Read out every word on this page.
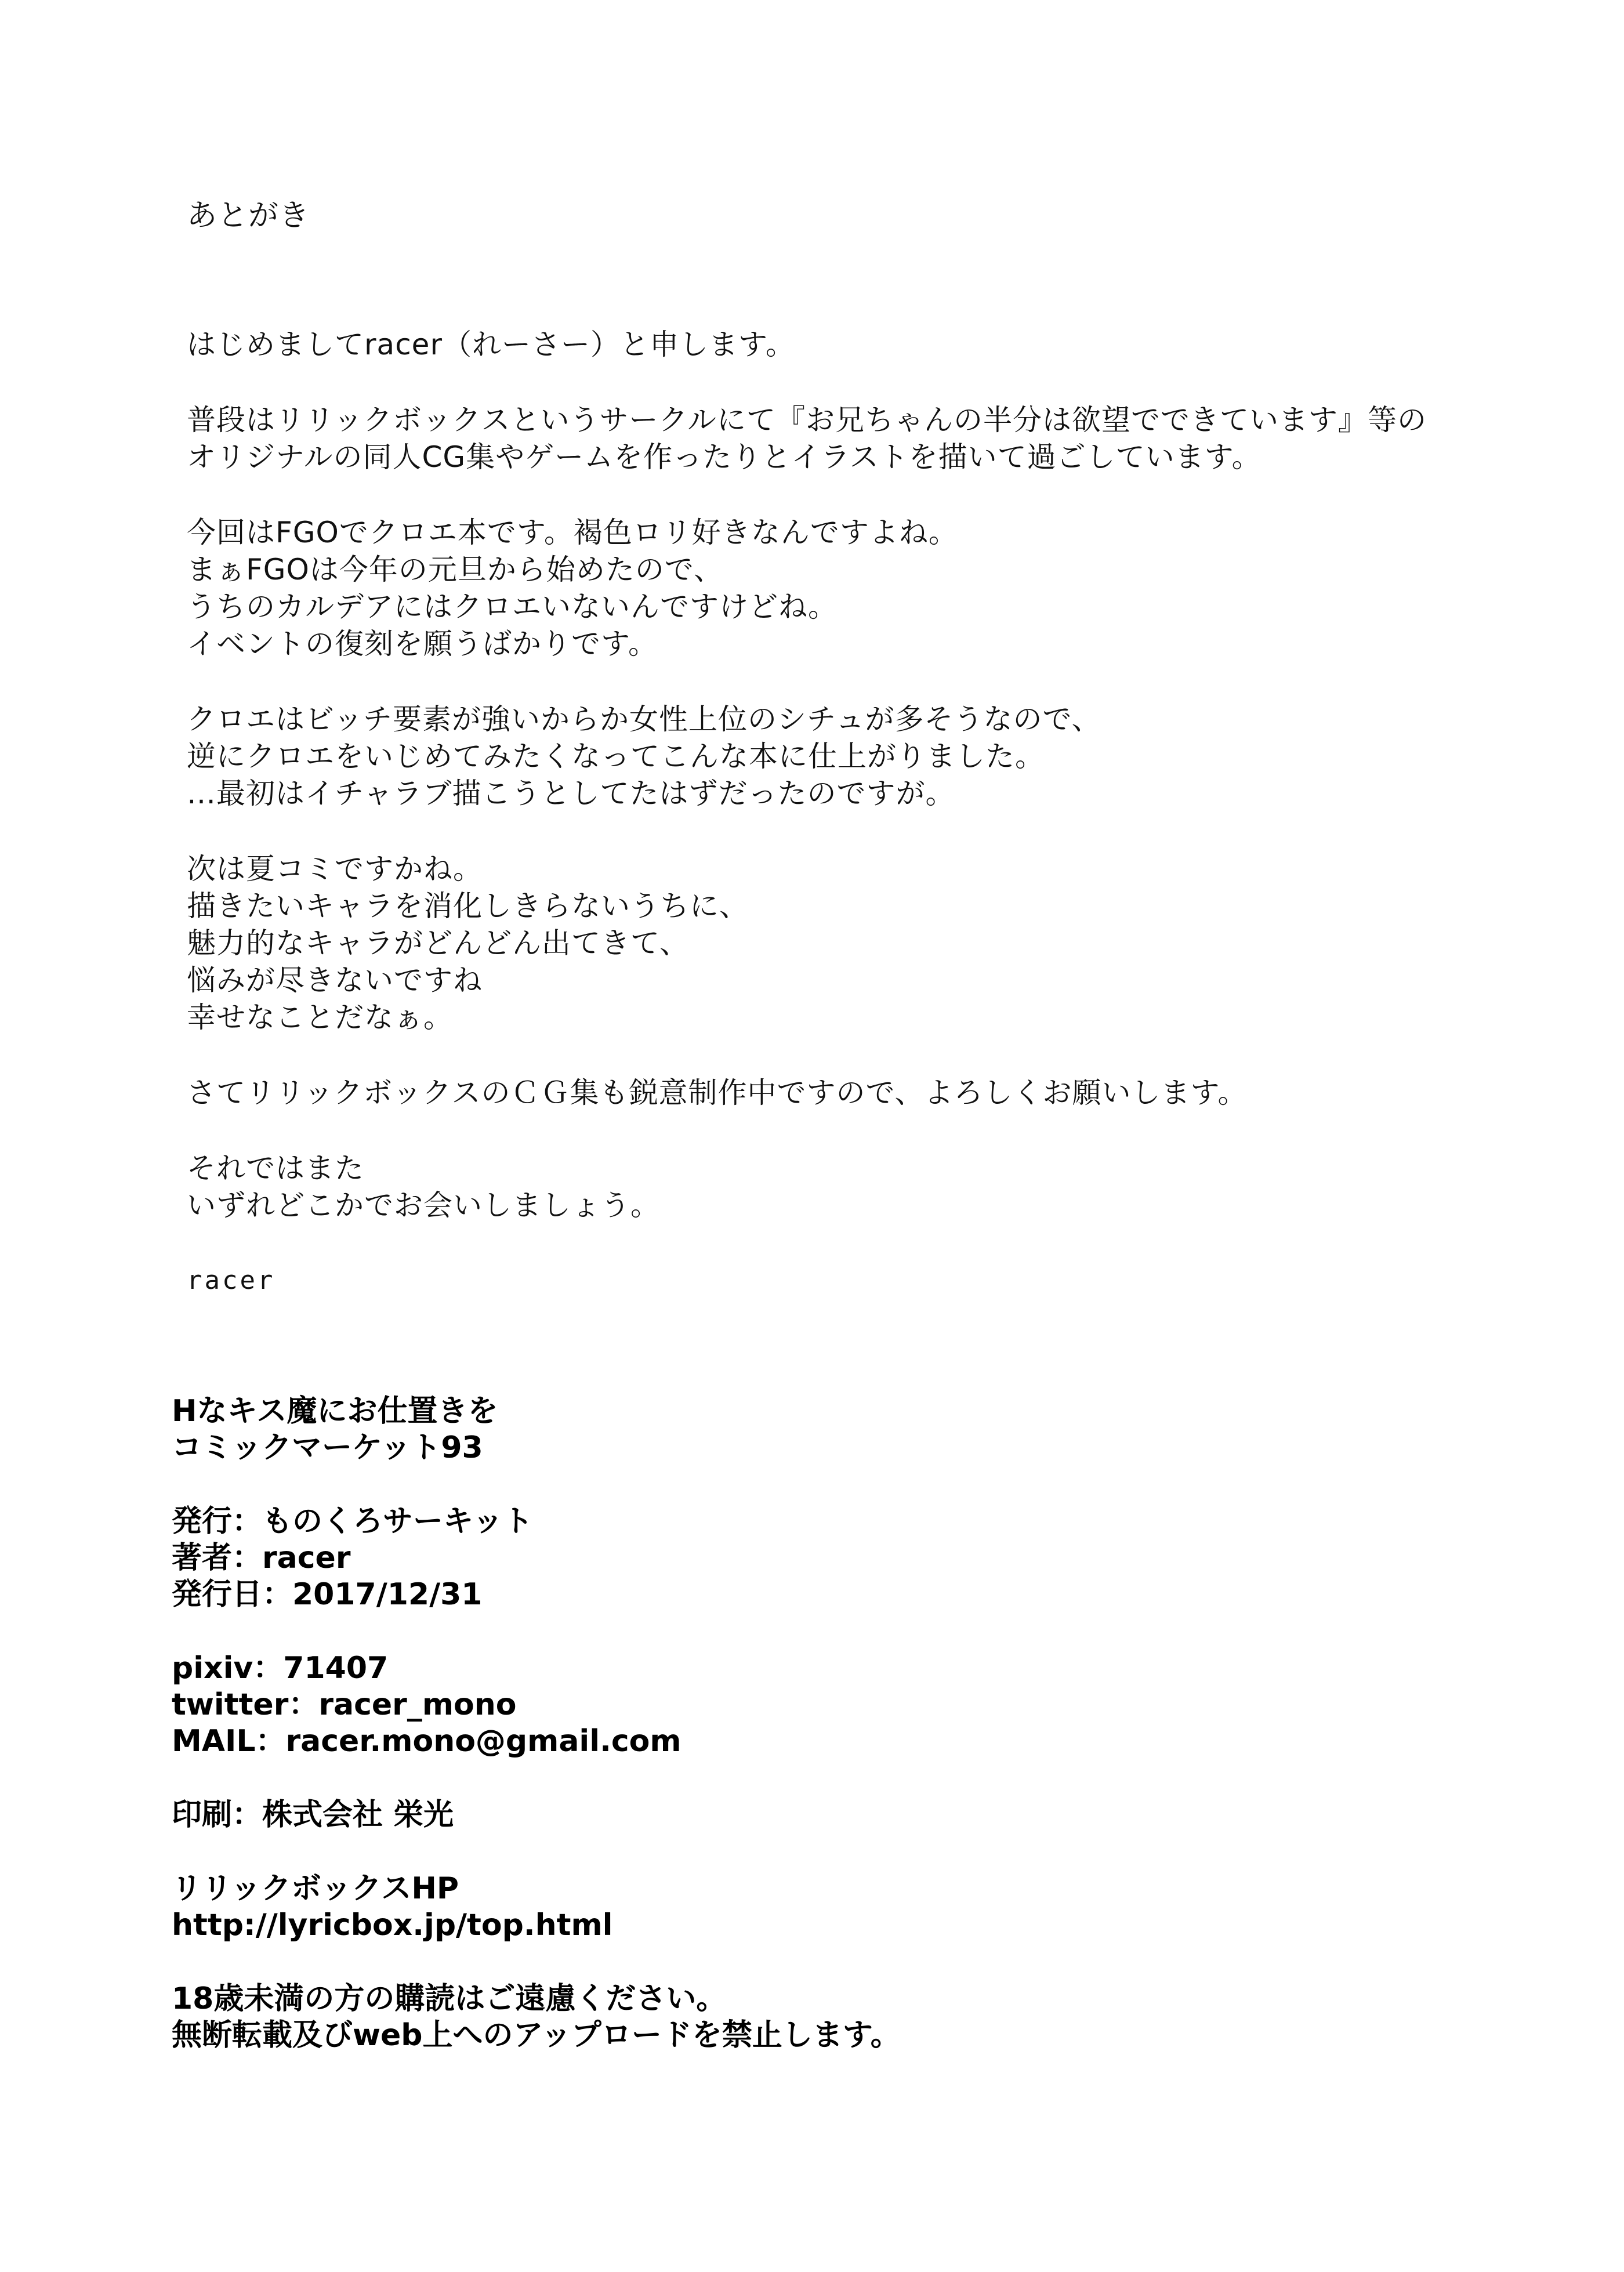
あとがき
はじめましてracer（れーさー）と申します。
普段はリリックボックスというサークルにて『お兄ちゃんの半分は欲望でできています』等の
オリジナルの同人CG集やゲームを作ったりとイラストを描いて過ごしています。
今回はFGOでクロエ本です。褐色ロリ好きなんですよね。
まぁFGOは今年の元旦から始めたので、
うちのカルデアにはクロエいないんですけどね。
イベントの復刻を願うばかりです。
クロエはビッチ要素が強いからか女性上位のシチュが多そうなので、
逆にクロエをいじめてみたくなってこんな本に仕上がりました。
…最初はイチャラブ描こうとしてたはずだったのですが。
次は夏コミですかね。
描きたいキャラを消化しきらないうちに、
魅力的なキャラがどんどん出てきて、
悩みが尽きないですね
幸せなことだなぁ。
さてリリックボックスのＣＧ集も鋭意制作中ですので、よろしくお願いします。
それではまた
いずれどこかでお会いしましょう。
racer
Hなキス魔にお仕置きを
コミックマーケット93
発行：ものくろサーキット
著者：racer
発行日：2017/12/31
pixiv：71407
twitter：racer_mono
MAIL：racer.mono@gmail.com
印刷：株式会社 栄光
リリックボックスHP
http://lyricbox.jp/top.html
18歳未満の方の購読はご遠慮ください。
無断転載及びweb上へのアップロードを禁止します。
